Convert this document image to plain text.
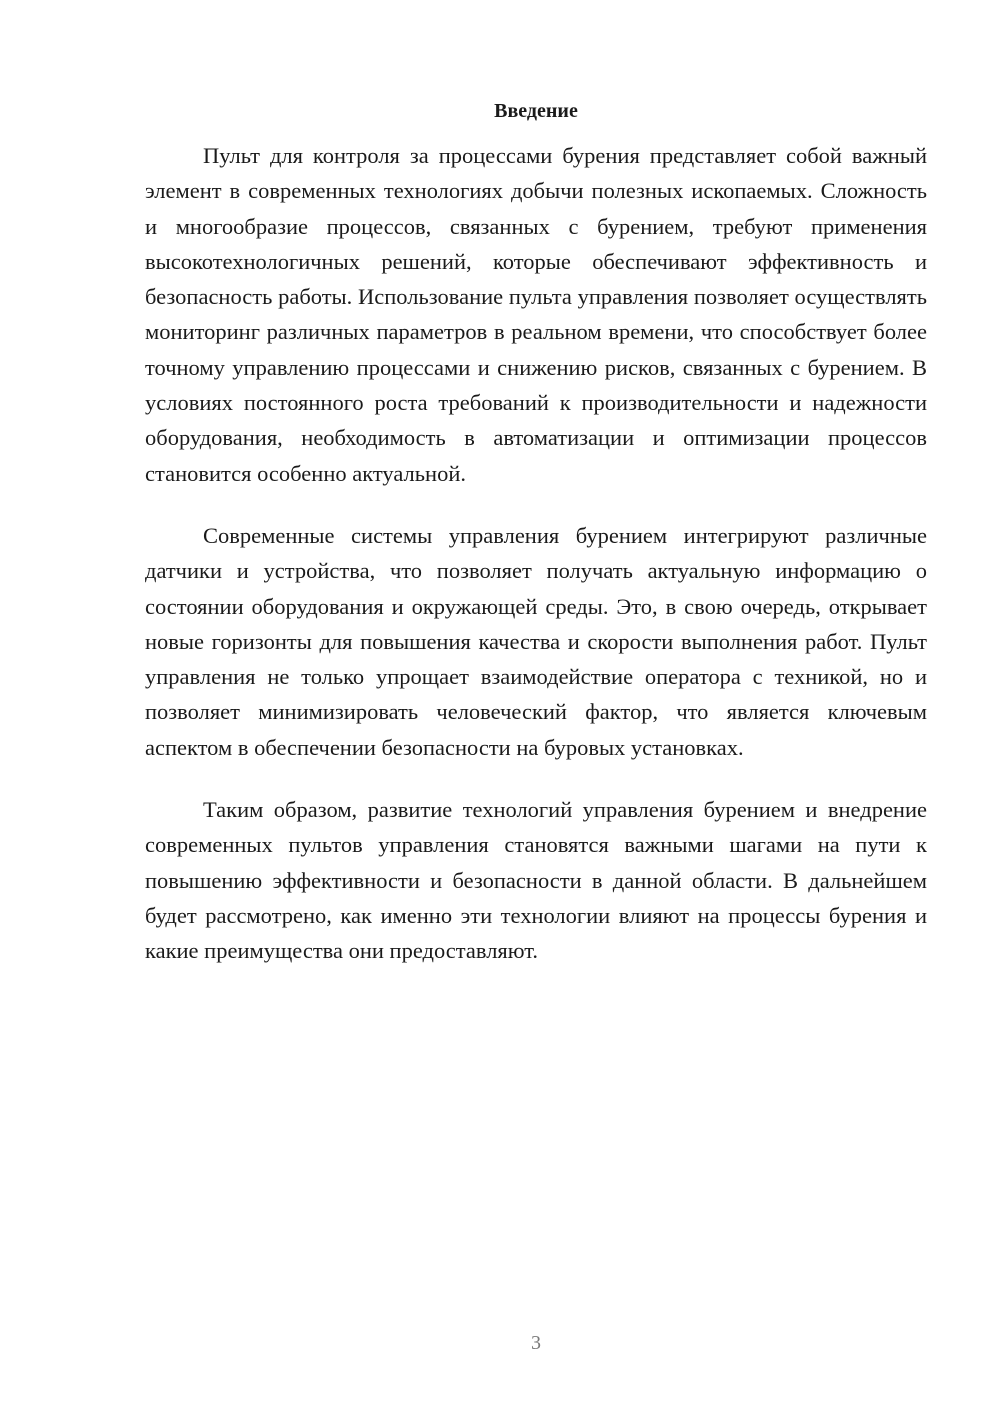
Введение

Пульт для контроля за процессами бурения представляет собой важный элемент в современных технологиях добычи полезных ископаемых. Сложность и многообразие процессов, связанных с бурением, требуют применения высокотехнологичных решений, которые обеспечивают эффективность и безопасность работы. Использование пульта управления позволяет осуществлять мониторинг различных параметров в реальном времени, что способствует более точному управлению процессами и снижению рисков, связанных с бурением. В условиях постоянного роста требований к производительности и надежности оборудования, необходимость в автоматизации и оптимизации процессов становится особенно актуальной.

Современные системы управления бурением интегрируют различные датчики и устройства, что позволяет получать актуальную информацию о состоянии оборудования и окружающей среды. Это, в свою очередь, открывает новые горизонты для повышения качества и скорости выполнения работ. Пульт управления не только упрощает взаимодействие оператора с техникой, но и позволяет минимизировать человеческий фактор, что является ключевым аспектом в обеспечении безопасности на буровых установках.

Таким образом, развитие технологий управления бурением и внедрение современных пультов управления становятся важными шагами на пути к повышению эффективности и безопасности в данной области. В дальнейшем будет рассмотрено, как именно эти технологии влияют на процессы бурения и какие преимущества они предоставляют.

3
